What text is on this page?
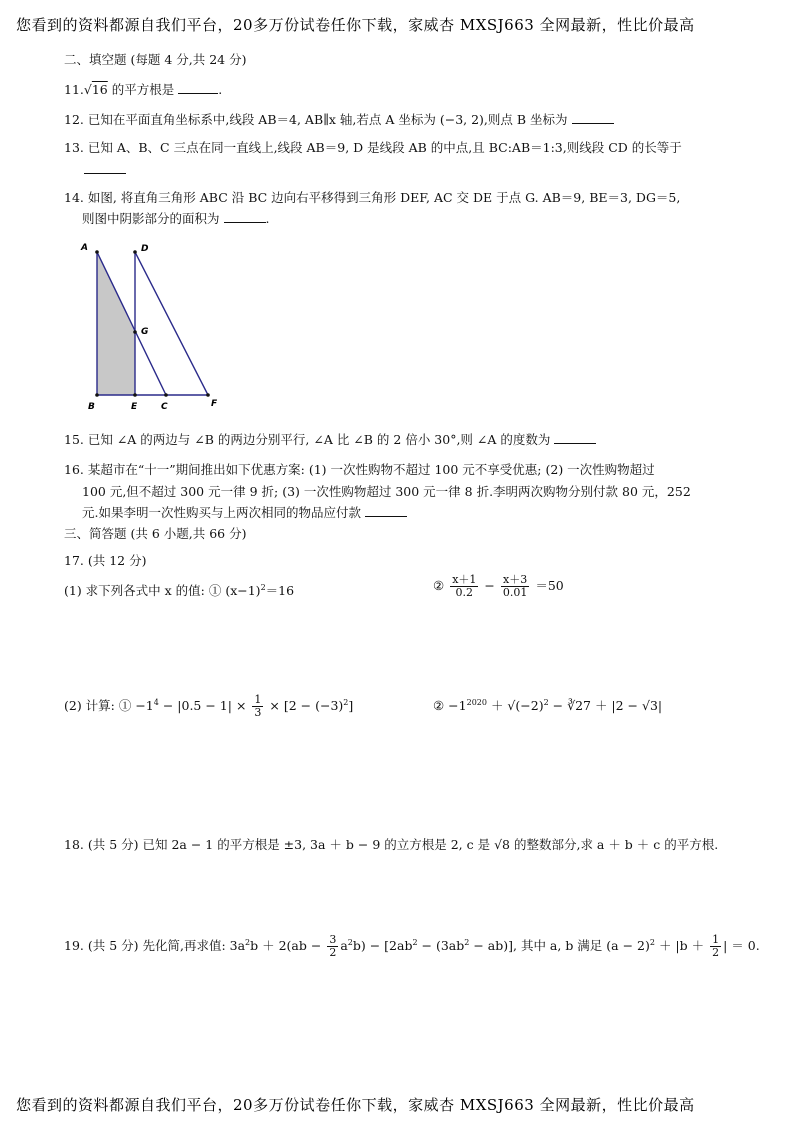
您看到的资料都源自我们平台，20多万份试卷任你下载，家威杏 MXSJ663 全网最新，性比价最高
二、填空题 (每题 4 分,共 24 分)
11.√16 的平方根是	.
12. 已知在平面直角坐标系中,线段 AB＝4, AB∥x 轴,若点 A 坐标为 (−3, 2),则点 B 坐标为
13. 已知 A、B、C 三点在同一直线上,线段 AB＝9, D 是线段 AB 的中点,且 BC:AB＝1:3,则线段 CD 的长等于
14. 如图, 将直角三角形 ABC 沿 BC 边向右平移得到三角形 DEF, AC 交 DE 于点 G. AB＝9, BE＝3, DG＝5,
则图中阴影部分的面积为	.
A	D
G
B	E	C	F
15. 已知 ∠A 的两边与 ∠B 的两边分别平行, ∠A 比 ∠B 的 2 倍小 30°,则 ∠A 的度数为
16. 某超市在“十一”期间推出如下优惠方案: (1) 一次性购物不超过 100 元不享受优惠; (2) 一次性购物超过
100 元,但不超过 300 元一律 9 折; (3) 一次性购物超过 300 元一律 8 折.李明两次购物分别付款 80 元，252
元.如果李明一次性购买与上两次相同的物品应付款
三、简答题 (共 6 小题,共 66 分)
17. (共 12 分)
(1) 求下列各式中 x 的值: ① $(x-1)^2=16$	② $\frac{x+1}{0.2} - \frac{x+3}{0.01} =50$
(2) 计算: ① $-1^4 - |0.5 - 1| \times \frac{1}{3} \times [2 - (-3)^2]$	② $-1^{2020} + √(-2)^2$ − ∛27 ＋ |2 − √3|
18. (共 5 分) 已知 2a − 1 的平方根是 ±3, 3a ＋ b − 9 的立方根是 2, c 是 √8 的整数部分,求 a ＋ b ＋ c 的平方根.
19. (共 5 分) 先化简,再求值: $3a^2b + 2(ab - \frac{3}{2} a^2b) - [2ab^2 - (3ab^2 - ab)]$, 其中 a, b 满足 $(a - 2)^2 + |b + \frac{1}{2}$ | ＝ 0.
您看到的资料都源自我们平台，20多万份试卷任你下载，家威杏 MXSJ663 全网最新，性比价最高
